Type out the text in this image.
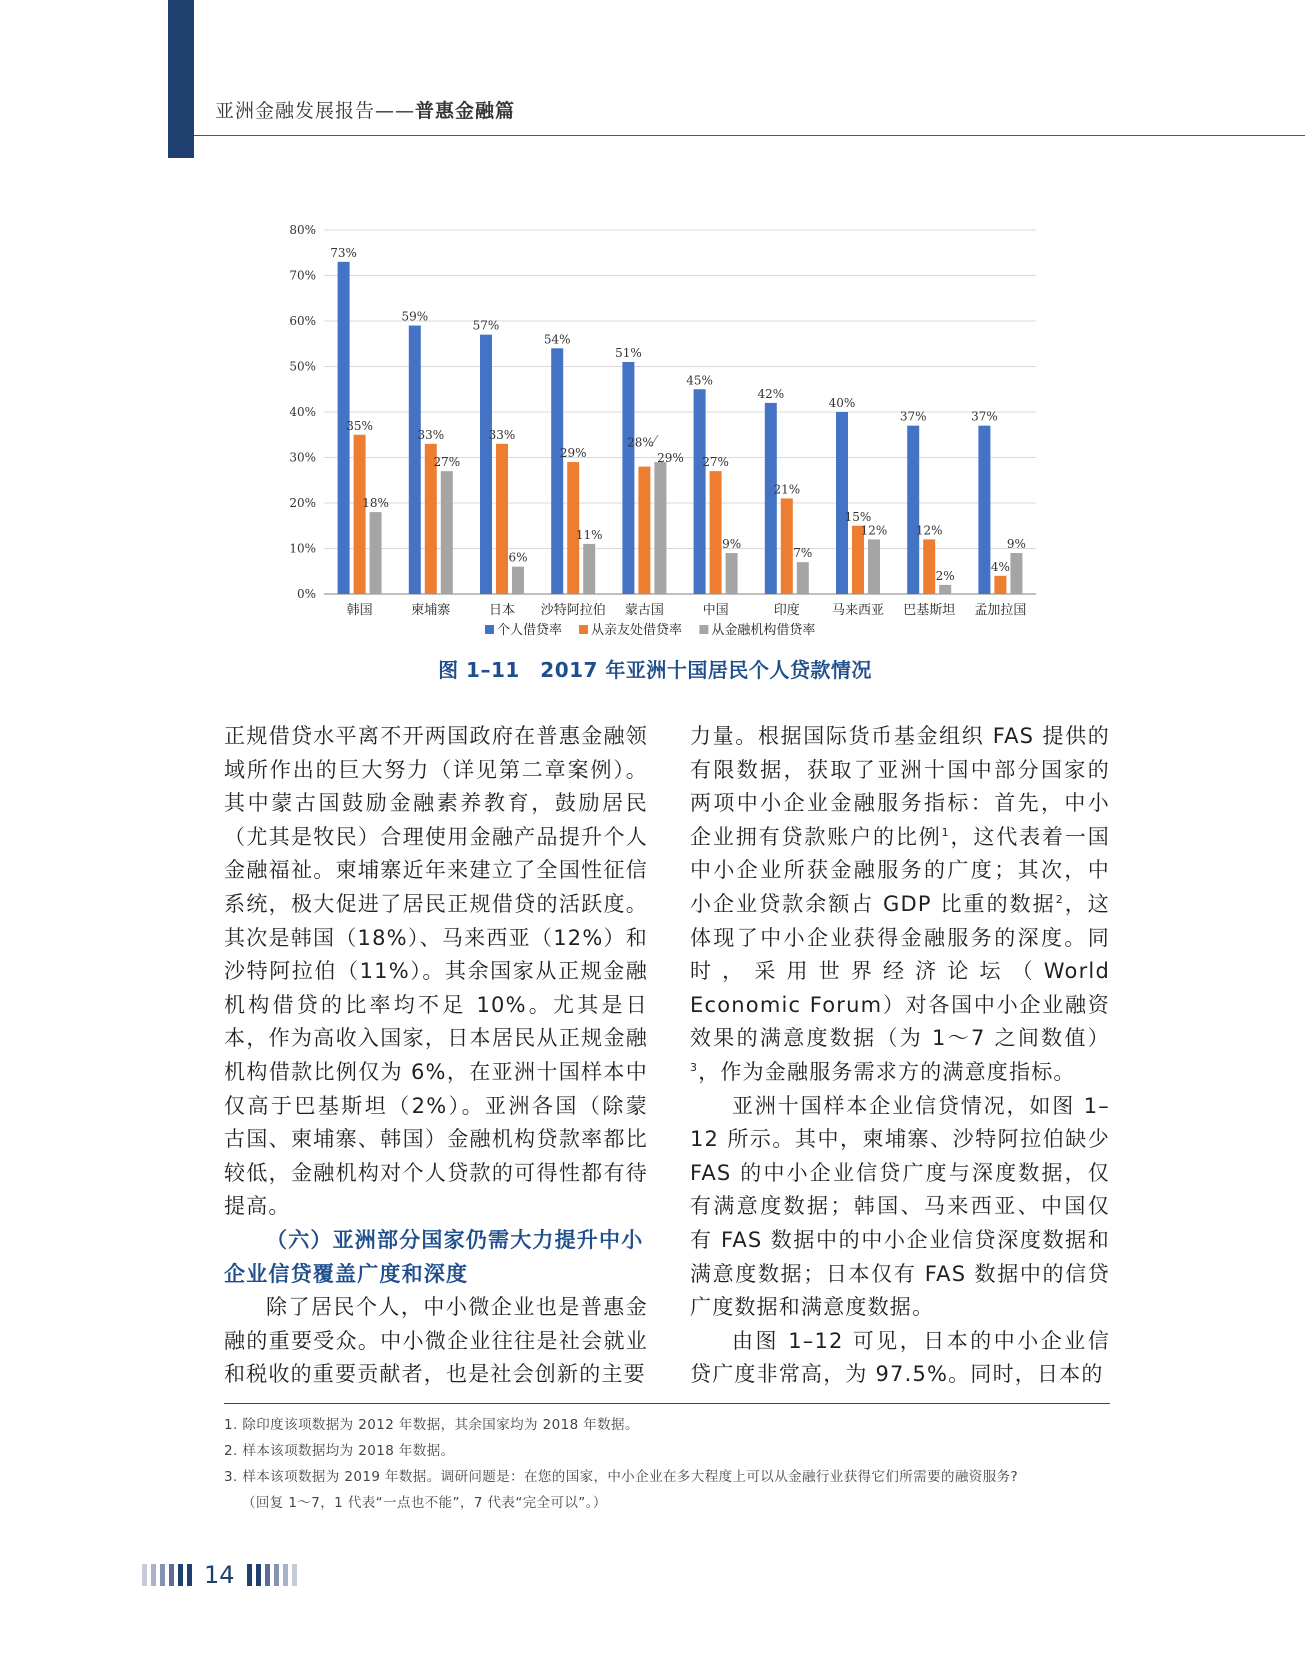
亚洲金融发展报告——普惠金融篇
0%
10%
20%
30%
40%
50%
60%
70%
80%
韩国	柬埔寨	日本 沙特阿拉伯 蒙古国	中国	印度 马来西亚 巴基斯坦 孟加拉国
73%
35%
18%
59%
33%
27%
57%
33%
6%
54%
29%
11%
51%
28%
29%
45%
27%
9%
42%
21%
7%
40%
15%
12%
37%
12%
2%
37%
4%
9%
个人借贷率 从亲友处借贷率 从金融机构借贷率
图 1–11　2017 年亚洲十国居民个人贷款情况

正规借贷水平离不开两国政府在普惠金融领域所作出的巨大努力（详见第二章案例）。其中蒙古国鼓励金融素养教育，鼓励居民（尤其是牧民）合理使用金融产品提升个人金融福祉。柬埔寨近年来建立了全国性征信系统，极大促进了居民正规借贷的活跃度。其次是韩国（18%）、马来西亚（12%）和沙特阿拉伯（11%）。其余国家从正规金融机构借贷的比率均不足 10%。尤其是日本，作为高收入国家，日本居民从正规金融机构借款比例仅为 6%，在亚洲十国样本中仅高于巴基斯坦（2%）。亚洲各国（除蒙古国、柬埔寨、韩国）金融机构贷款率都比较低，金融机构对个人贷款的可得性都有待提高。

（六）亚洲部分国家仍需大力提升中小企业信贷覆盖广度和深度

除了居民个人，中小微企业也是普惠金融的重要受众。中小微企业往往是社会就业和税收的重要贡献者，也是社会创新的主要

力量。根据国际货币基金组织 FAS 提供的有限数据，获取了亚洲十国中部分国家的两项中小企业金融服务指标：首先，中小企业拥有贷款账户的比例$^1$，这代表着一国中小企业所获金融服务的广度；其次，中小企业贷款余额占 GDP 比重的数据$^2$，这体现了中小企业获得金融服务的深度。同时，采用世界经济论坛（World Economic Forum）对各国中小企业融资效果的满意度数据（为 1～7 之间数值）$^3$，作为金融服务需求方的满意度指标。

亚洲十国样本企业信贷情况，如图 1–12 所示。其中，柬埔寨、沙特阿拉伯缺少 FAS 的中小企业信贷广度与深度数据，仅有满意度数据；韩国、马来西亚、中国仅有 FAS 数据中的中小企业信贷深度数据和满意度数据；日本仅有 FAS 数据中的信贷广度数据和满意度数据。

由图 1–12 可见，日本的中小企业信贷广度非常高，为 97.5%。同时，日本的

1. 除印度该项数据为 2012 年数据，其余国家均为 2018 年数据。
2. 样本该项数据均为 2018 年数据。
3. 样本该项数据为 2019 年数据。调研问题是：在您的国家，中小企业在多大程度上可以从金融行业获得它们所需要的融资服务?
（回复 1～7，1 代表“一点也不能”，7 代表“完全可以”。）
14
